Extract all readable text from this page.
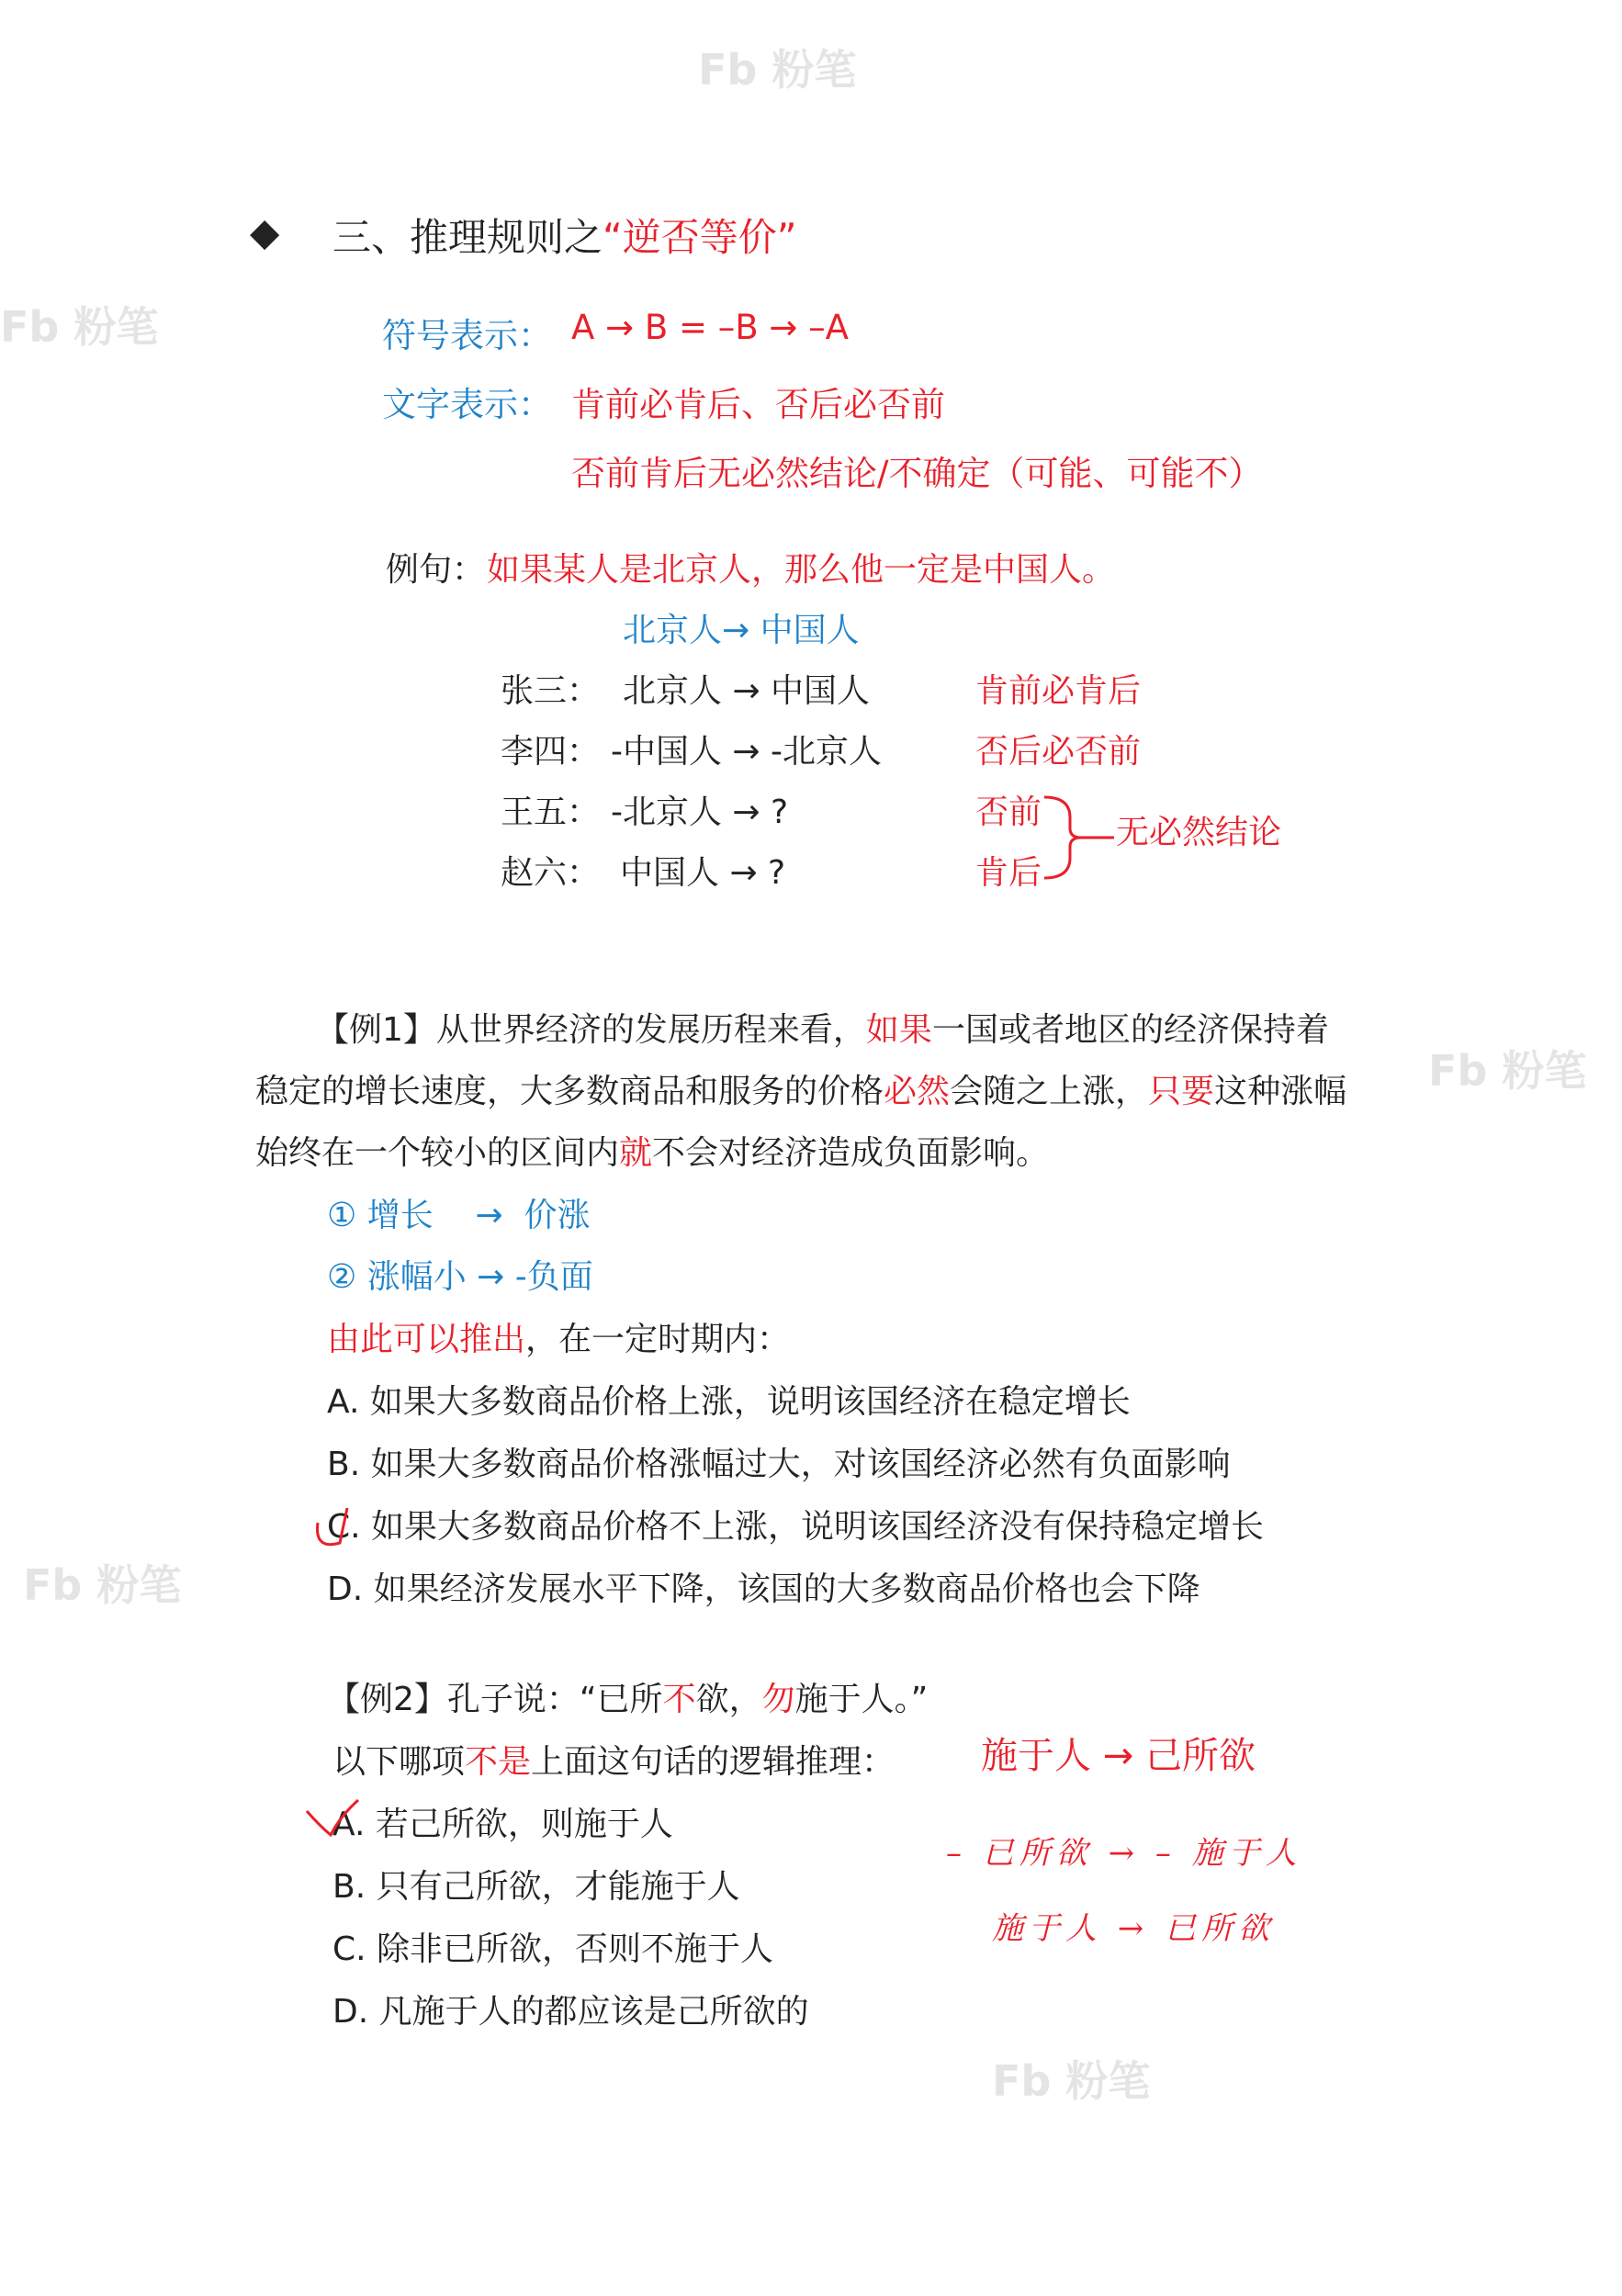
Fb 粉笔
Fb 粉笔
Fb 粉笔
Fb 粉笔
Fb 粉笔
◆ 三、推理规则之“逆否等价”
符号表示： A → B = –B → –A
文字表示： 肯前必肯后、否后必否前
否前肯后无必然结论/不确定（可能、可能不）
例句： 如果某人是北京人，那么他一定是中国人。
北京人→ 中国人
张三： 北京人 → 中国人	肯前必肯后
李四： -中国人 → -北京人	否后必否前
王五： -北京人 → ?	否前
赵六： 中国人 → ?	肯后
无必然结论
【例1】从世界经济的发展历程来看，如果一国或者地区的经济保持着
稳定的增长速度，大多数商品和服务的价格必然会随之上涨，只要这种涨幅
始终在一个较小的区间内就不会对经济造成负面影响。
① 增长    →  价涨
② 涨幅小 → -负面
由此可以推出，在一定时期内：
A. 如果大多数商品价格上涨，说明该国经济在稳定增长
B. 如果大多数商品价格涨幅过大，对该国经济必然有负面影响
C. 如果大多数商品价格不上涨，说明该国经济没有保持稳定增长
D. 如果经济发展水平下降，该国的大多数商品价格也会下降
【例2】孔子说：“已所不欲，勿施于人。”
以下哪项不是上面这句话的逻辑推理： 施于人 → 己所欲
A. 若己所欲，则施于人
B. 只有己所欲，才能施于人
C. 除非已所欲，否则不施于人
D. 凡施于人的都应该是己所欲的
– 已所欲 → – 施于人
施于人 → 已所欲
